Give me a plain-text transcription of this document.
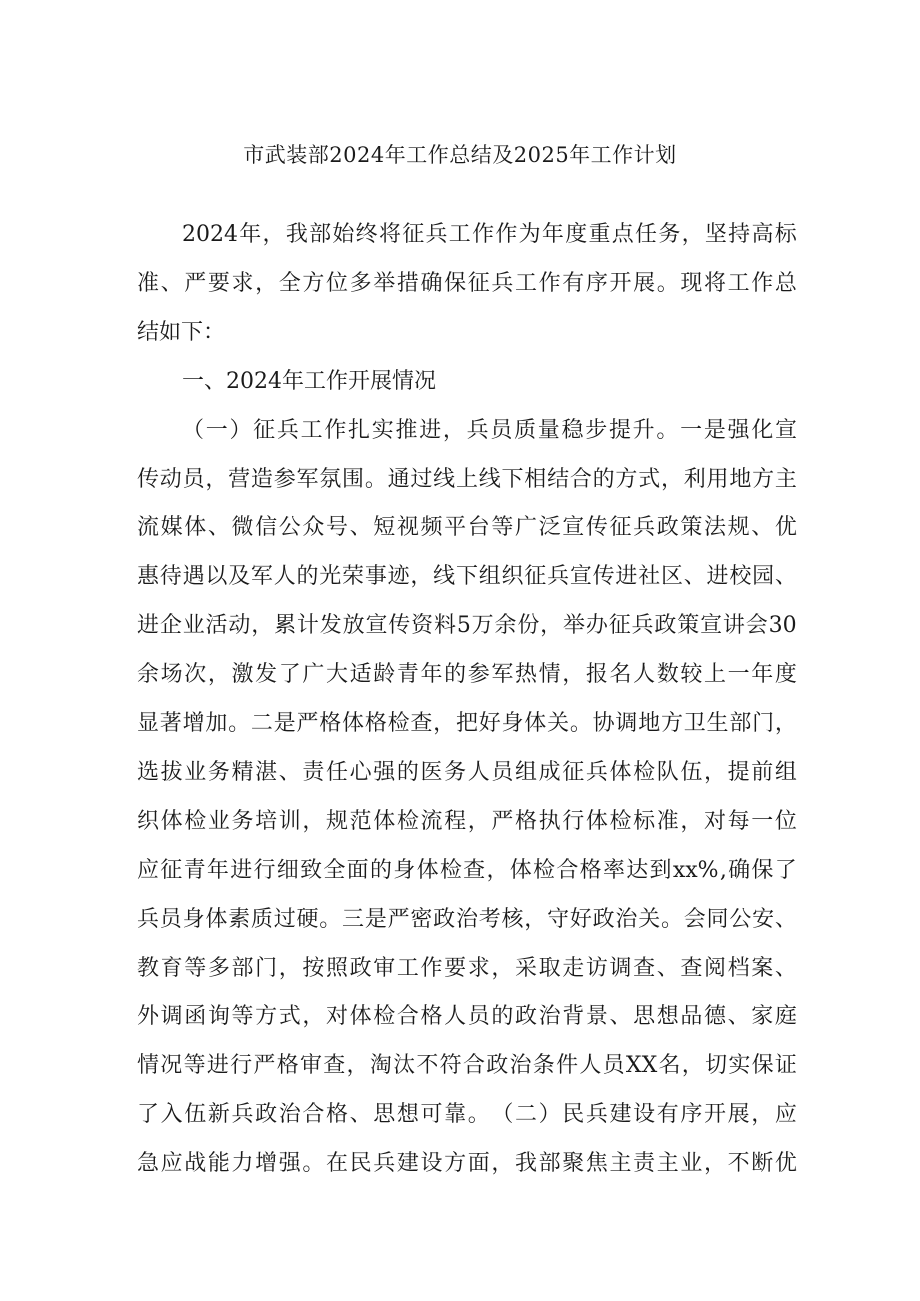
市武装部2024年工作总结及2025年工作计划
2024 年 ， 我 部 始 终 将 征 兵 工 作 作 为 年 度 重 点 任 务 ， 坚 持 高 标
准 、 严 要 求 ， 全 方 位 多 举 措 确 保 征 兵 工 作 有 序 开 展 。 现 将 工 作 总
结如下：
一、2024年工作开展情况
（ 一 ） 征 兵 工 作 扎 实 推 进 ， 兵 员 质 量 稳 步 提 升 。 一 是 强 化 宣
传 动 员 ， 营 造 参 军 氛 围 。 通 过 线 上 线 下 相 结 合 的 方 式 ， 利 用 地 方 主
流 媒 体 、 微 信 公 众 号 、 短 视 频 平 台 等 广 泛 宣 传 征 兵 政 策 法 规 、 优
惠 待 遇 以 及 军 人 的 光 荣 事 迹 ， 线 下 组 织 征 兵 宣 传 进 社 区 、 进 校 园 、
进 企 业 活 动 ， 累 计 发 放 宣 传 资 料 5 万 余 份 ， 举 办 征 兵 政 策 宣 讲 会 30
余 场 次 ， 激 发 了 广 大 适 龄 青 年 的 参 军 热 情 ， 报 名 人 数 较 上 一 年 度
显 著 增 加 。 二 是 严 格 体 格 检 查 ， 把 好 身 体 关 。 协 调 地 方 卫 生 部 门 ，
选 拔 业 务 精 湛 、 责 任 心 强 的 医 务 人 员 组 成 征 兵 体 检 队 伍 ， 提 前 组
织 体 检 业 务 培 训 ， 规 范 体 检 流 程 ， 严 格 执 行 体 检 标 准 ， 对 每 一 位
应 征 青 年 进 行 细 致 全 面 的 身 体 检 查 ， 体 检 合 格 率 达 到 xx% , 确 保 了
兵 员 身 体 素 质 过 硬 。 三 是 严 密 政 治 考 核 ， 守 好 政 治 关 。 会 同 公 安 、
教 育 等 多 部 门 ， 按 照 政 审 工 作 要 求 ， 采 取 走 访 调 查 、 查 阅 档 案 、
外 调 函 询 等 方 式 ， 对 体 检 合 格 人 员 的 政 治 背 景 、 思 想 品 德 、 家 庭
情 况 等 进 行 严 格 审 查 ， 淘 汰 不 符 合 政 治 条 件 人 员 XX 名 ， 切 实 保 证
了 入 伍 新 兵 政 治 合 格 、 思 想 可 靠 。 （ 二 ） 民 兵 建 设 有 序 开 展 ， 应
急 应 战 能 力 增 强 。 在 民 兵 建 设 方 面 ， 我 部 聚 焦 主 责 主 业 ， 不 断 优
